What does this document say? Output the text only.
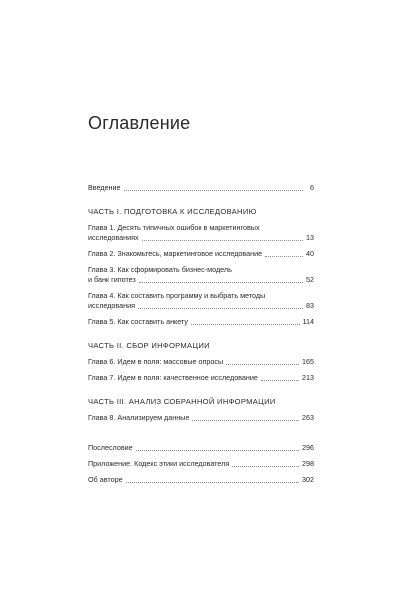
Оглавление
Введение	6
ЧАСТЬ I. ПОДГОТОВКА К ИССЛЕДОВАНИЮ
Глава 1. Десять типичных ошибок в маркетинговых
исследованиях	13
Глава 2. Знакомьтесь, маркетинговое исследование	40
Глава 3. Как сформировать бизнес-модель
и банк гипотез	52
Глава 4. Как составить программу и выбрать методы
исследования	83
Глава 5. Как составить анкету	114
ЧАСТЬ II. СБОР ИНФОРМАЦИИ
Глава 6. Идем в поля: массовые опросы	165
Глава 7. Идем в поля: качественное исследование	213
ЧАСТЬ III. АНАЛИЗ СОБРАННОЙ ИНФОРМАЦИИ
Глава 8. Анализируем данные	263
Послесловие	296
Приложение. Кодекс этики исследователя	298
Об авторе	302
